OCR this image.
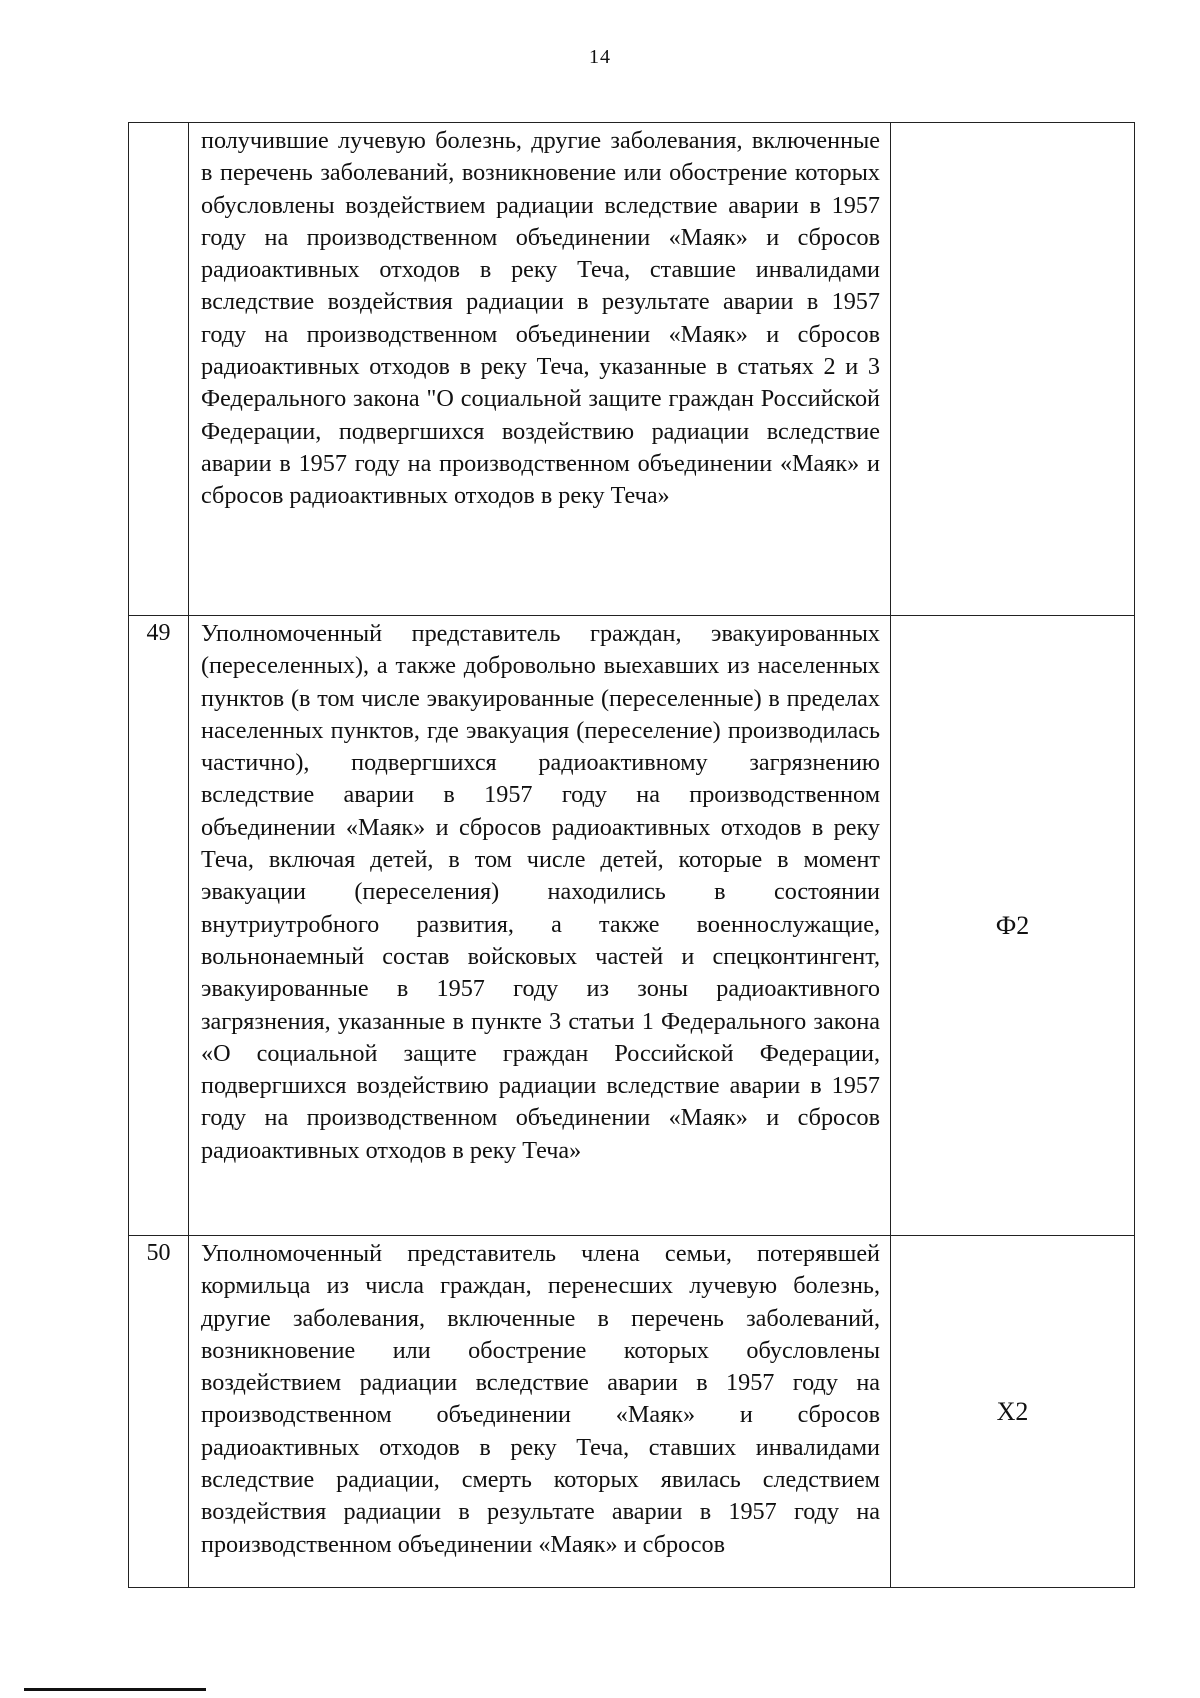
14
	получившие лучевую болезнь, другие заболевания, включенные в перечень заболеваний, возникновение или обострение которых обусловлены воздействием радиации вследствие аварии в 1957 году на производственном объединении «Маяк» и сбросов радиоактивных отходов в реку Теча, ставшие инвалидами вследствие воздействия радиации в результате аварии в 1957 году на производственном объединении «Маяк» и сбросов радиоактивных отходов в реку Теча, указанные в статьях 2 и 3 Федерального закона "О социальной защите граждан Российской Федерации, подвергшихся воздействию радиации вследствие аварии в 1957 году на производственном объединении «Маяк» и сбросов радиоактивных отходов в реку Теча»	
49	Уполномоченный представитель граждан, эвакуированных (переселенных), а также добровольно выехавших из населенных пунктов (в том числе эвакуированные (переселенные) в пределах населенных пунктов, где эвакуация (переселение) производилась частично), подвергшихся радиоактивному загрязнению вследствие аварии в 1957 году на производственном объединении «Маяк» и сбросов радиоактивных отходов в реку Теча, включая детей, в том числе детей, которые в момент эвакуации (переселения) находились в состоянии внутриутробного развития, а также военнослужащие, вольнонаемный состав войсковых частей и спецконтингент, эвакуированные в 1957 году из зоны радиоактивного загрязнения, указанные в пункте 3 статьи 1 Федерального закона «О социальной защите граждан Российской Федерации, подвергшихся воздействию радиации вследствие аварии в 1957 году на производственном объединении «Маяк» и сбросов радиоактивных отходов в реку Теча»	Ф2
50	Уполномоченный представитель члена семьи, потерявшей кормильца из числа граждан, перенесших лучевую болезнь, другие заболевания, включенные в перечень заболеваний, возникновение или обострение которых обусловлены воздействием радиации вследствие аварии в 1957 году на производственном объединении «Маяк» и сбросов радиоактивных отходов в реку Теча, ставших инвалидами вследствие радиации, смерть которых явилась следствием воздействия радиации в результате аварии в 1957 году на производственном объединении «Маяк» и сбросов	Х2
